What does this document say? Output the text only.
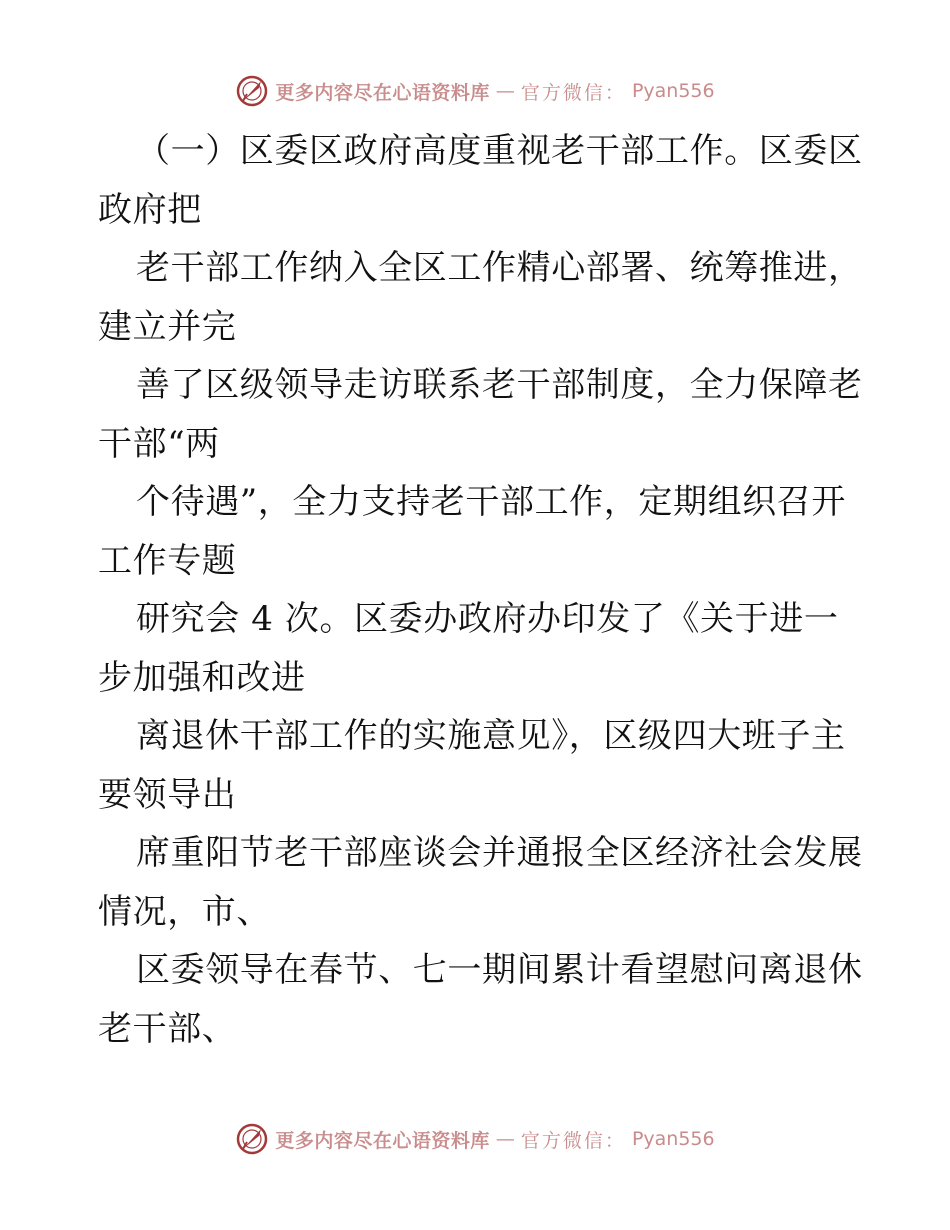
更多内容尽在心语资料库 — 官方微信： Pyan556
（一）区委区政府高度重视老干部工作。区委区
政府把
老干部工作纳入全区工作精心部署、统筹推进，
建立并完
善了区级领导走访联系老干部制度，全力保障老
干部“两
个待遇”，全力支持老干部工作，定期组织召开
工作专题
研究会 4 次。区委办政府办印发了《关于进一
步加强和改进
离退休干部工作的实施意见》，区级四大班子主
要领导出
席重阳节老干部座谈会并通报全区经济社会发展
情况，市、
区委领导在春节、七一期间累计看望慰问离退休
老干部、
更多内容尽在心语资料库 — 官方微信： Pyan556
